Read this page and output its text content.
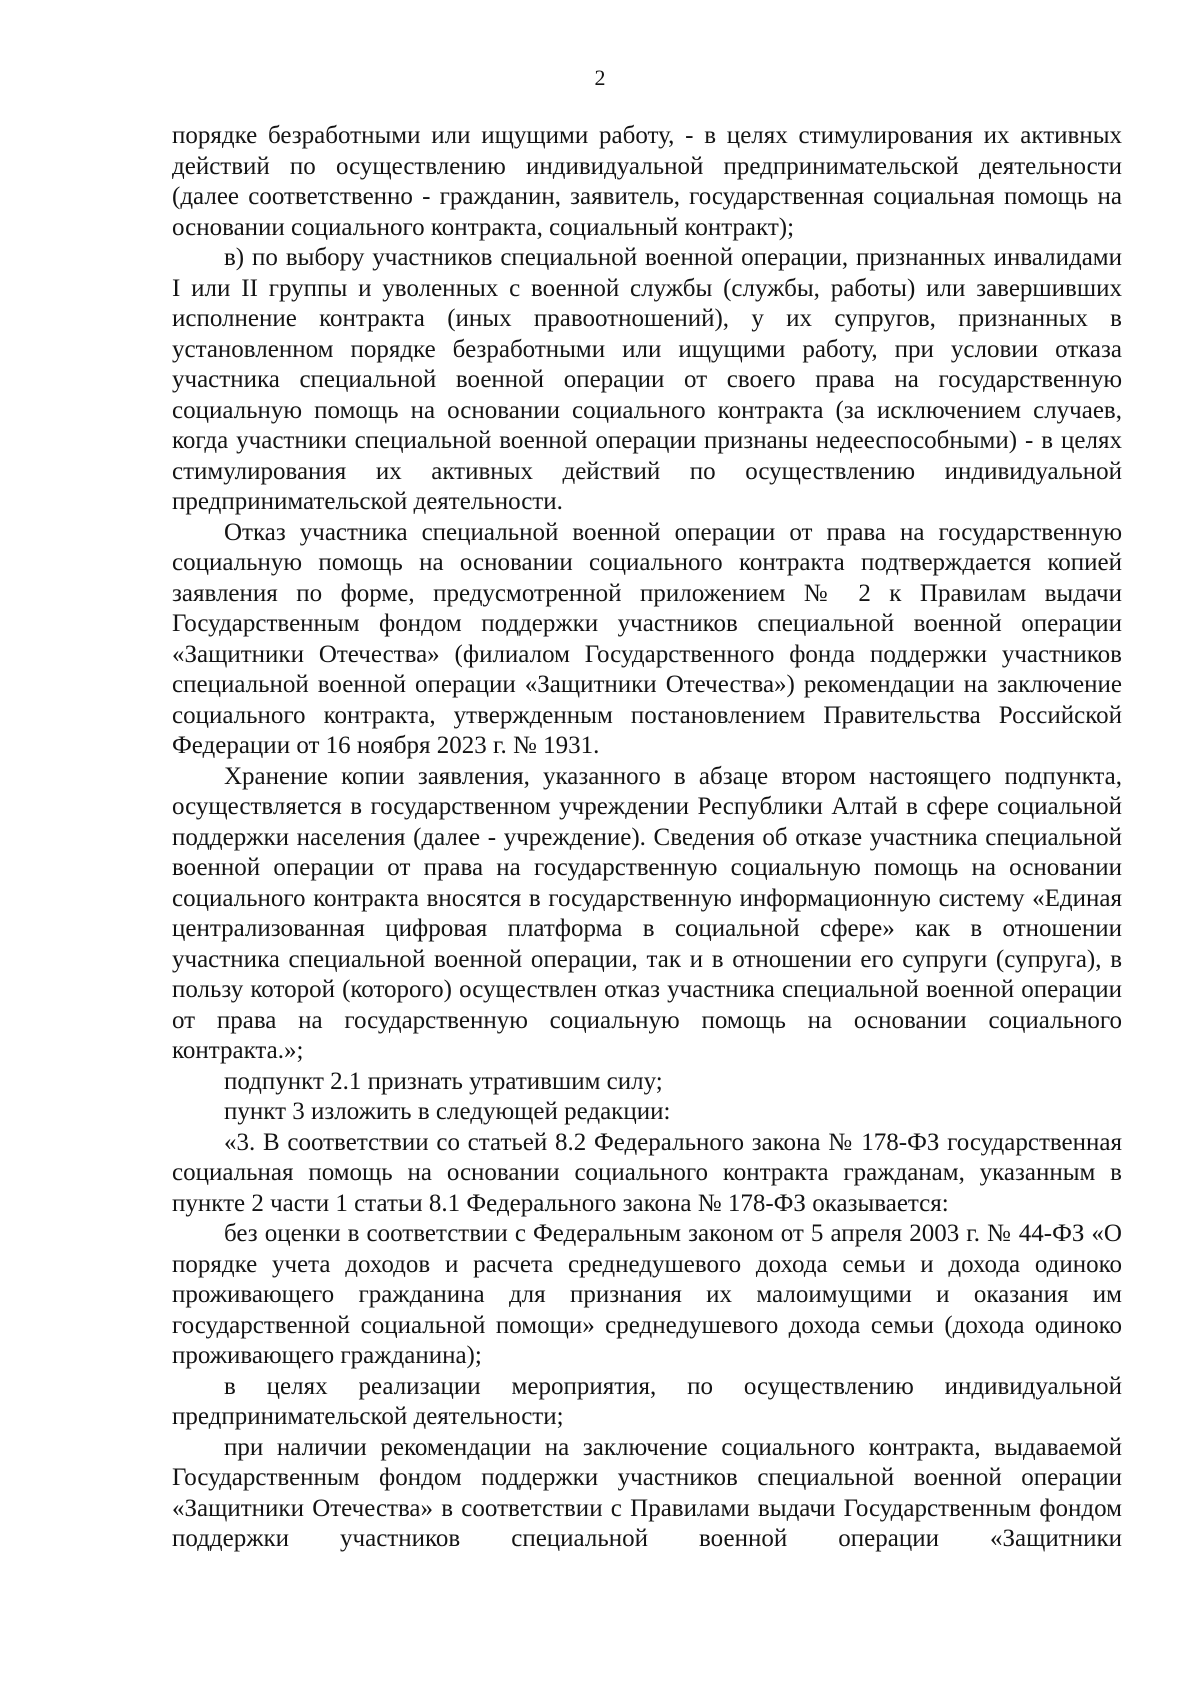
2

порядке безработными или ищущими работу, - в целях стимулирования их активных действий по осуществлению индивидуальной предпринимательской деятельности (далее соответственно - гражданин, заявитель, государственная социальная помощь на основании социального контракта, социальный контракт);

в) по выбору участников специальной военной операции, признанных инвалидами I или II группы и уволенных с военной службы (службы, работы) или завершивших исполнение контракта (иных правоотношений), у их супругов, признанных в установленном порядке безработными или ищущими работу, при условии отказа участника специальной военной операции от своего права на государственную социальную помощь на основании социального контракта (за исключением случаев, когда участники специальной военной операции признаны недееспособными) - в целях стимулирования их активных действий по осуществлению индивидуальной предпринимательской деятельности.

Отказ участника специальной военной операции от права на государственную социальную помощь на основании социального контракта подтверждается копией заявления по форме, предусмотренной приложением № 2 к Правилам выдачи Государственным фондом поддержки участников специальной военной операции «Защитники Отечества» (филиалом Государственного фонда поддержки участников специальной военной операции «Защитники Отечества») рекомендации на заключение социального контракта, утвержденным постановлением Правительства Российской Федерации от 16 ноября 2023 г. № 1931.

Хранение копии заявления, указанного в абзаце втором настоящего подпункта, осуществляется в государственном учреждении Республики Алтай в сфере социальной поддержки населения (далее - учреждение). Сведения об отказе участника специальной военной операции от права на государственную социальную помощь на основании социального контракта вносятся в государственную информационную систему «Единая централизованная цифровая платформа в социальной сфере» как в отношении участника специальной военной операции, так и в отношении его супруги (супруга), в пользу которой (которого) осуществлен отказ участника специальной военной операции от права на государственную социальную помощь на основании социального контракта.»;

подпункт 2.1 признать утратившим силу;

пункт 3 изложить в следующей редакции:

«3. В соответствии со статьей 8.2 Федерального закона № 178-ФЗ государственная социальная помощь на основании социального контракта гражданам, указанным в пункте 2 части 1 статьи 8.1 Федерального закона № 178-ФЗ оказывается:

без оценки в соответствии с Федеральным законом от 5 апреля 2003 г. № 44-ФЗ «О порядке учета доходов и расчета среднедушевого дохода семьи и дохода одиноко проживающего гражданина для признания их малоимущими и оказания им государственной социальной помощи» среднедушевого дохода семьи (дохода одиноко проживающего гражданина);

в целях реализации мероприятия, по осуществлению индивидуальной предпринимательской деятельности;

при наличии рекомендации на заключение социального контракта, выдаваемой Государственным фондом поддержки участников специальной военной операции «Защитники Отечества» в соответствии с Правилами выдачи Государственным фондом поддержки участников специальной военной операции «Защитники
